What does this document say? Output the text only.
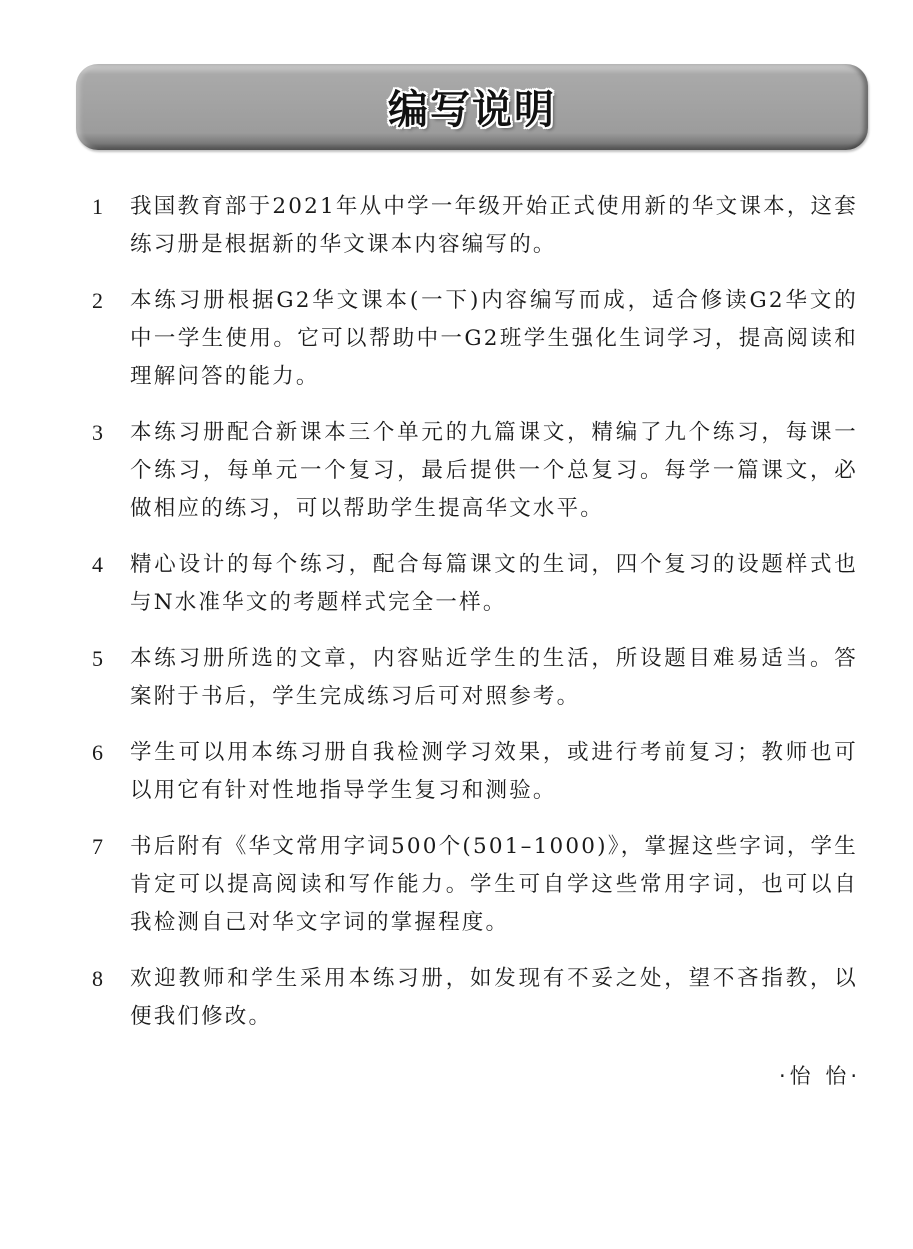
编写说明
1	我国教育部于2021年从中学一年级开始正式使用新的华文课本，这套练习册是根据新的华文课本内容编写的。
2	本练习册根据G2华文课本(一下)内容编写而成，适合修读G2华文的中一学生使用。它可以帮助中一G2班学生强化生词学习，提高阅读和理解问答的能力。
3	本练习册配合新课本三个单元的九篇课文，精编了九个练习，每课一个练习，每单元一个复习，最后提供一个总复习。每学一篇课文，必做相应的练习，可以帮助学生提高华文水平。
4	精心设计的每个练习，配合每篇课文的生词，四个复习的设题样式也与N水准华文的考题样式完全一样。
5	本练习册所选的文章，内容贴近学生的生活，所设题目难易适当。答案附于书后，学生完成练习后可对照参考。
6	学生可以用本练习册自我检测学习效果，或进行考前复习；教师也可以用它有针对性地指导学生复习和测验。
7	书后附有《华文常用字词500个(501–1000)》，掌握这些字词，学生肯定可以提高阅读和写作能力。学生可自学这些常用字词，也可以自我检测自己对华文字词的掌握程度。
8	欢迎教师和学生采用本练习册，如发现有不妥之处，望不吝指教，以便我们修改。
·怡 怡·
